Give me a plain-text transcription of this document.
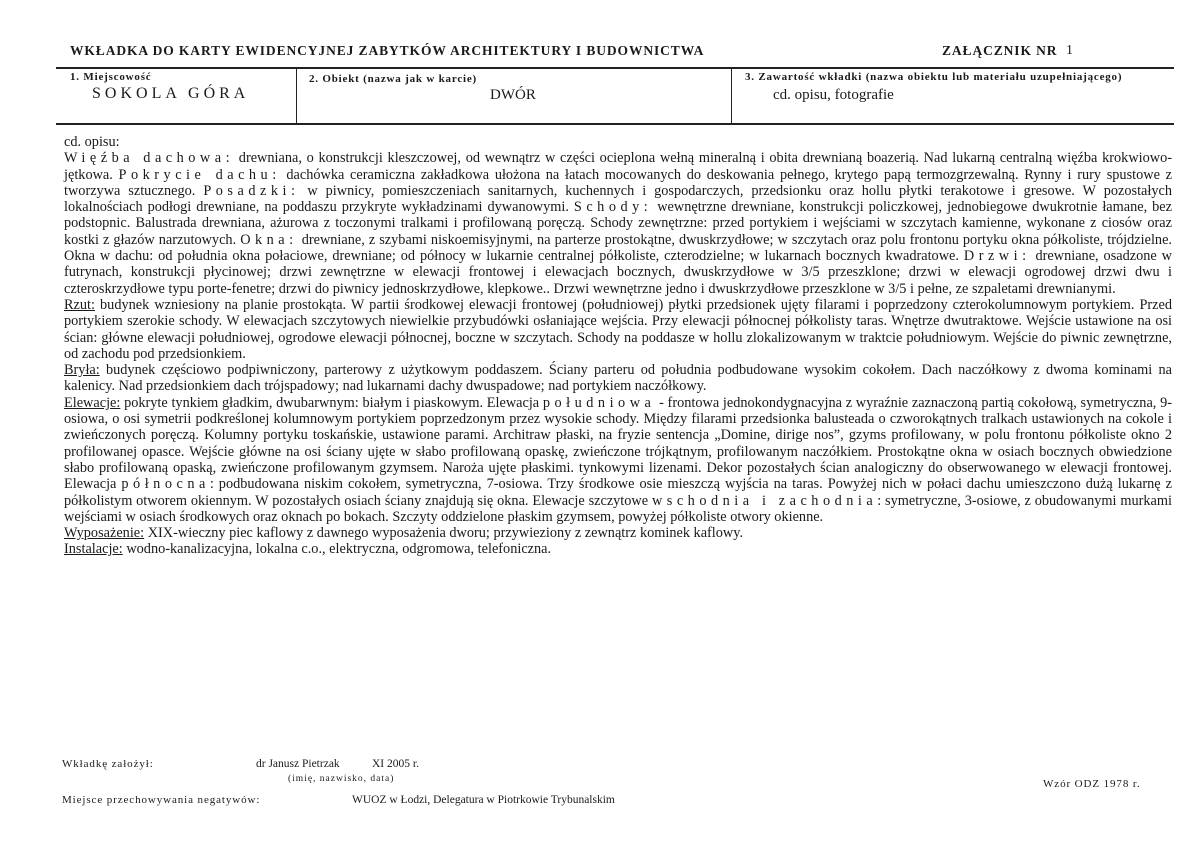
WKŁADKA DO KARTY EWIDENCYJNEJ ZABYTKÓW ARCHITEKTURY I BUDOWNICTWA	ZAŁĄCZNIK NR 1
1. Miejscowość
SOKOLA GÓRA
2. Obiekt (nazwa jak w karcie)
DWÓR
3. Zawartość wkładki (nazwa obiektu lub materiału uzupełniającego)
cd. opisu, fotografie

cd. opisu:

Więźba dachowa: drewniana, o konstrukcji kleszczowej, od wewnątrz w części ocieplona wełną mineralną i obita drewnianą boazerią. Nad lukarną centralną więźba krokwiowo-jętkowa. Pokrycie dachu: dachówka ceramiczna zakładkowa ułożona na łatach mocowanych do deskowania pełnego, krytego papą termozgrzewalną. Rynny i rury spustowe z tworzywa sztucznego. Posadzki: w piwnicy, pomieszczeniach sanitarnych, kuchennych i gospodarczych, przedsionku oraz hollu płytki terakotowe i gresowe. W pozostałych lokalnościach podłogi drewniane, na poddaszu przykryte wykładzinami dywanowymi. Schody: wewnętrzne drewniane, konstrukcji policzkowej, jednobiegowe dwukrotnie łamane, bez podstopnic. Balustrada drewniana, ażurowa z toczonymi tralkami i profilowaną poręczą. Schody zewnętrzne: przed portykiem i wejściami w szczytach kamienne, wykonane z ciosów oraz kostki z głazów narzutowych. Okna: drewniane, z szybami niskoemisyjnymi, na parterze prostokątne, dwuskrzydłowe; w szczytach oraz polu frontonu portyku okna półkoliste, trójdzielne. Okna w dachu: od południa okna połaciowe, drewniane; od północy w lukarnie centralnej półkoliste, czterodzielne; w lukarnach bocznych kwadratowe. Drzwi: drewniane, osadzone w futrynach, konstrukcji płycinowej; drzwi zewnętrzne w elewacji frontowej i elewacjach bocznych, dwuskrzydłowe w 3/5 przeszklone; drzwi w elewacji ogrodowej drzwi dwu i czteroskrzydłowe typu porte-fenetre; drzwi do piwnicy jednoskrzydłowe, klepkowe.. Drzwi wewnętrzne jedno i dwuskrzydłowe przeszklone w 3/5 i pełne, ze szpaletami drewnianymi.

Rzut: budynek wzniesiony na planie prostokąta. W partii środkowej elewacji frontowej (południowej) płytki przedsionek ujęty filarami i poprzedzony czterokolumnowym portykiem. Przed portykiem szerokie schody. W elewacjach szczytowych niewielkie przybudówki osłaniające wejścia. Przy elewacji północnej półkolisty taras. Wnętrze dwutraktowe. Wejście ustawione na osi ścian: główne elewacji południowej, ogrodowe elewacji północnej, boczne w szczytach. Schody na poddasze w hollu zlokalizowanym w traktcie południowym. Wejście do piwnic zewnętrzne, od zachodu pod przedsionkiem.

Bryła: budynek częściowo podpiwniczony, parterowy z użytkowym poddaszem. Ściany parteru od południa podbudowane wysokim cokołem. Dach naczółkowy z dwoma kominami na kalenicy. Nad przedsionkiem dach trójspadowy; nad lukarnami dachy dwuspadowe; nad portykiem naczółkowy.

Elewacje: pokryte tynkiem gładkim, dwubarwnym: białym i piaskowym. Elewacja południowa - frontowa jednokondygnacyjna z wyraźnie zaznaczoną partią cokołową, symetryczna, 9-osiowa, o osi symetrii podkreślonej kolumnowym portykiem poprzedzonym przez wysokie schody. Między filarami przedsionka balusteada o czworokątnych tralkach ustawionych na cokole i zwieńczonych poręczą. Kolumny portyku toskańskie, ustawione parami. Architraw płaski, na fryzie sentencja „Domine, dirige nos”, gzyms profilowany, w polu frontonu półkoliste okno 2 profilowanej opasce. Wejście główne na osi ściany ujęte w słabo profilowaną opaskę, zwieńczone trójkątnym, profilowanym naczółkiem. Prostokątne okna w osiach bocznych obwiedzione słabo profilowaną opaską, zwieńczone profilowanym gzymsem. Naroża ujęte płaskimi. tynkowymi lizenami. Dekor pozostałych ścian analogiczny do obserwowanego w elewacji frontowej. Elewacja północna: podbudowana niskim cokołem, symetryczna, 7-osiowa. Trzy środkowe osie mieszczą wyjścia na taras. Powyżej nich w połaci dachu umieszczono dużą lukarnę z półkolistym otworem okiennym. W pozostałych osiach ściany znajdują się okna. Elewacje szczytowe wschodnia i zachodnia: symetryczne, 3-osiowe, z obudowanymi murkami wejściami w osiach środkowych oraz oknach po bokach. Szczyty oddzielone płaskim gzymsem, powyżej półkoliste otwory okienne.

Wyposażenie: XIX-wieczny piec kaflowy z dawnego wyposażenia dworu; przywieziony z zewnątrz kominek kaflowy.

Instalacje: wodno-kanalizacyjna, lokalna c.o., elektryczna, odgromowa, telefoniczna.

Wkładkę założył:	dr Janusz Pietrzak	XI 2005 r.
(imię, nazwisko, data)
Miejsce przechowywania negatywów:	WUOZ w Łodzi, Delegatura w Piotrkowie Trybunalskim
Wzór ODZ 1978 r.
